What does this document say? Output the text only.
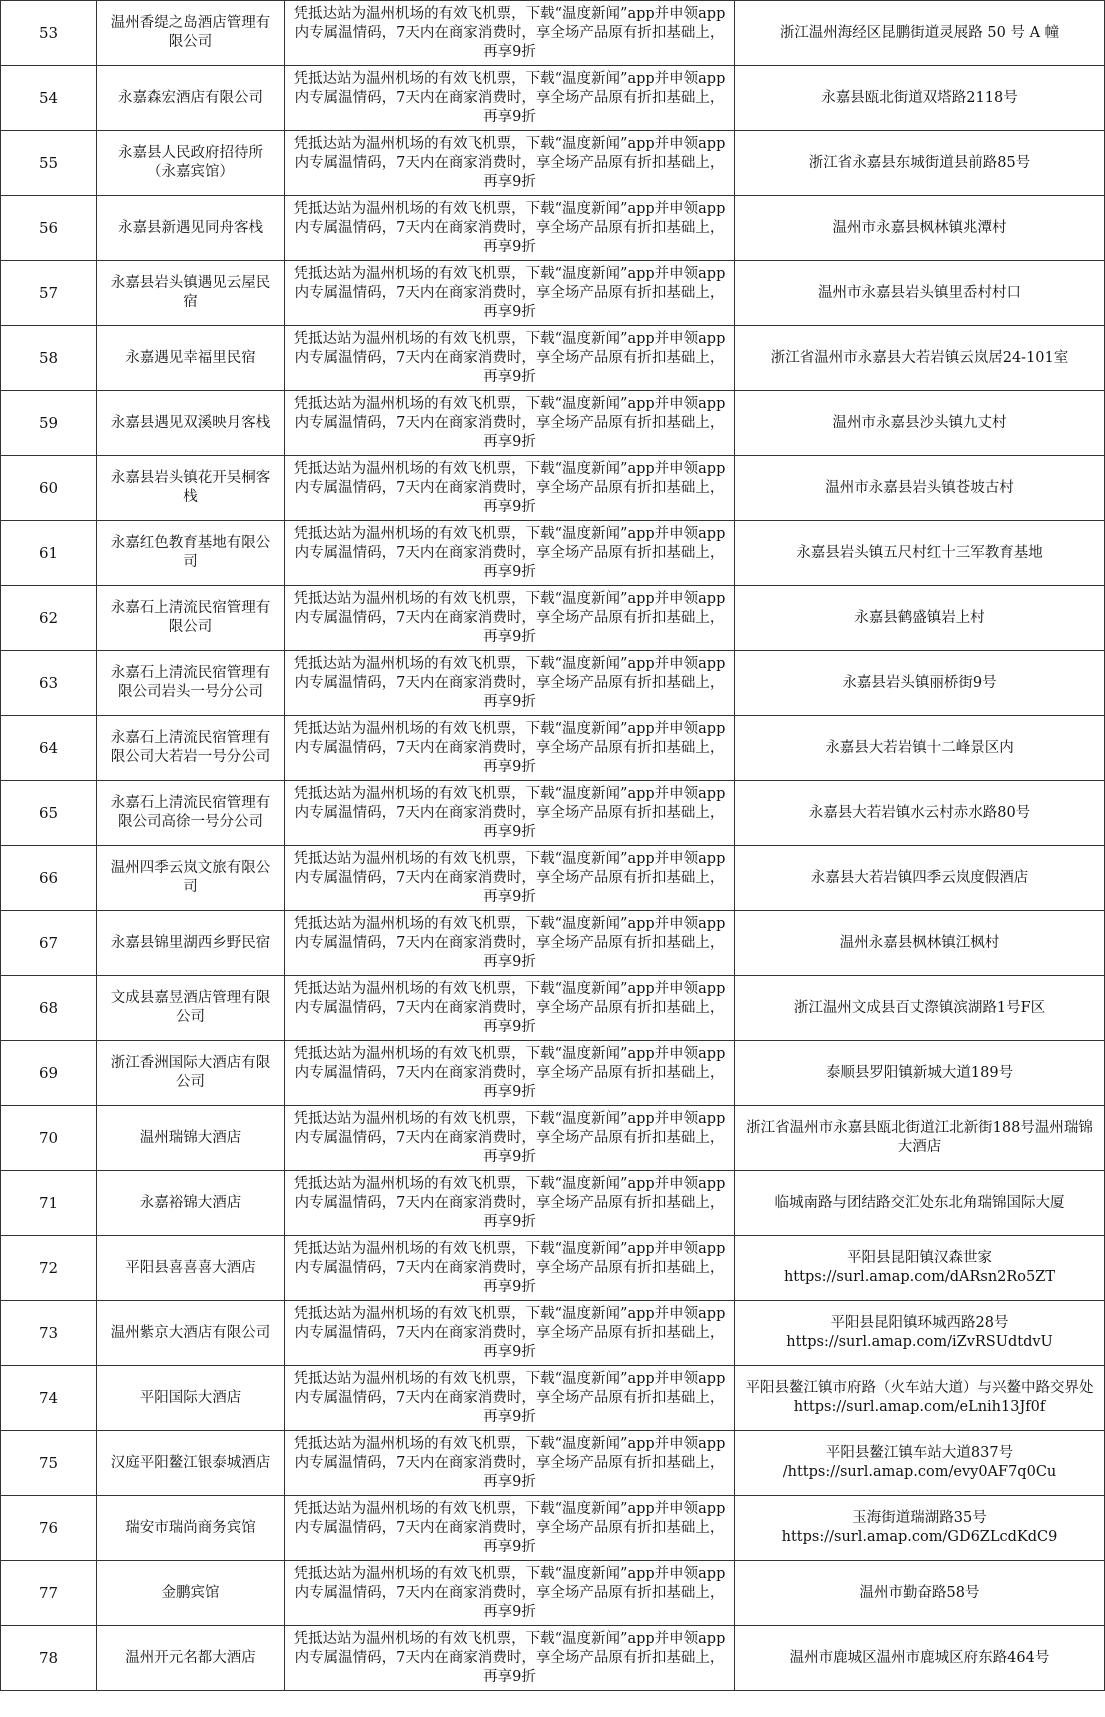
53	温州香缇之岛酒店管理有限公司	凭抵达站为温州机场的有效飞机票，下载“温度新闻”app并申领app内专属温情码，7天内在商家消费时，享全场产品原有折扣基础上，再享9折	浙江温州海经区昆鹏街道灵展路 50 号 A 幢

54	永嘉森宏酒店有限公司	凭抵达站为温州机场的有效飞机票，下载“温度新闻”app并申领app内专属温情码，7天内在商家消费时，享全场产品原有折扣基础上，再享9折	永嘉县瓯北街道双塔路2118号

55	永嘉县人民政府招待所（永嘉宾馆）	凭抵达站为温州机场的有效飞机票，下载“温度新闻”app并申领app内专属温情码，7天内在商家消费时，享全场产品原有折扣基础上，再享9折	浙江省永嘉县东城街道县前路85号

56	永嘉县新遇见同舟客栈	凭抵达站为温州机场的有效飞机票，下载“温度新闻”app并申领app内专属温情码，7天内在商家消费时，享全场产品原有折扣基础上，再享9折	温州市永嘉县枫林镇兆潭村

57	永嘉县岩头镇遇见云屋民宿	凭抵达站为温州机场的有效飞机票，下载“温度新闻”app并申领app内专属温情码，7天内在商家消费时，享全场产品原有折扣基础上，再享9折	温州市永嘉县岩头镇里岙村村口

58	永嘉遇见幸福里民宿	凭抵达站为温州机场的有效飞机票，下载“温度新闻”app并申领app内专属温情码，7天内在商家消费时，享全场产品原有折扣基础上，再享9折	浙江省温州市永嘉县大若岩镇云岚居24-101室

59	永嘉县遇见双溪映月客栈	凭抵达站为温州机场的有效飞机票，下载“温度新闻”app并申领app内专属温情码，7天内在商家消费时，享全场产品原有折扣基础上，再享9折	温州市永嘉县沙头镇九丈村

60	永嘉县岩头镇花开吴桐客栈	凭抵达站为温州机场的有效飞机票，下载“温度新闻”app并申领app内专属温情码，7天内在商家消费时，享全场产品原有折扣基础上，再享9折	温州市永嘉县岩头镇苍坡古村

61	永嘉红色教育基地有限公司	凭抵达站为温州机场的有效飞机票，下载“温度新闻”app并申领app内专属温情码，7天内在商家消费时，享全场产品原有折扣基础上，再享9折	永嘉县岩头镇五尺村红十三军教育基地

62	永嘉石上清流民宿管理有限公司	凭抵达站为温州机场的有效飞机票，下载“温度新闻”app并申领app内专属温情码，7天内在商家消费时，享全场产品原有折扣基础上，再享9折	永嘉县鹤盛镇岩上村

63	永嘉石上清流民宿管理有限公司岩头一号分公司	凭抵达站为温州机场的有效飞机票，下载“温度新闻”app并申领app内专属温情码，7天内在商家消费时，享全场产品原有折扣基础上，再享9折	永嘉县岩头镇丽桥街9号

64	永嘉石上清流民宿管理有限公司大若岩一号分公司	凭抵达站为温州机场的有效飞机票，下载“温度新闻”app并申领app内专属温情码，7天内在商家消费时，享全场产品原有折扣基础上，再享9折	永嘉县大若岩镇十二峰景区内

65	永嘉石上清流民宿管理有限公司高徐一号分公司	凭抵达站为温州机场的有效飞机票，下载“温度新闻”app并申领app内专属温情码，7天内在商家消费时，享全场产品原有折扣基础上，再享9折	永嘉县大若岩镇水云村赤水路80号

66	温州四季云岚文旅有限公司	凭抵达站为温州机场的有效飞机票，下载“温度新闻”app并申领app内专属温情码，7天内在商家消费时，享全场产品原有折扣基础上，再享9折	永嘉县大若岩镇四季云岚度假酒店

67	永嘉县锦里湖西乡野民宿	凭抵达站为温州机场的有效飞机票，下载“温度新闻”app并申领app内专属温情码，7天内在商家消费时，享全场产品原有折扣基础上，再享9折	温州永嘉县枫林镇江枫村

68	文成县嘉昱酒店管理有限公司	凭抵达站为温州机场的有效飞机票，下载“温度新闻”app并申领app内专属温情码，7天内在商家消费时，享全场产品原有折扣基础上，再享9折	浙江温州文成县百丈漈镇滨湖路1号F区

69	浙江香洲国际大酒店有限公司	凭抵达站为温州机场的有效飞机票，下载“温度新闻”app并申领app内专属温情码，7天内在商家消费时，享全场产品原有折扣基础上，再享9折	泰顺县罗阳镇新城大道189号

70	温州瑞锦大酒店	凭抵达站为温州机场的有效飞机票，下载“温度新闻”app并申领app内专属温情码，7天内在商家消费时，享全场产品原有折扣基础上，再享9折	浙江省温州市永嘉县瓯北街道江北新街188号温州瑞锦大酒店

71	永嘉裕锦大酒店	凭抵达站为温州机场的有效飞机票，下载“温度新闻”app并申领app内专属温情码，7天内在商家消费时，享全场产品原有折扣基础上，再享9折	临城南路与团结路交汇处东北角瑞锦国际大厦

72	平阳县喜喜喜大酒店	凭抵达站为温州机场的有效飞机票，下载“温度新闻”app并申领app内专属温情码，7天内在商家消费时，享全场产品原有折扣基础上，再享9折	平阳县昆阳镇汉森世家
https://surl.amap.com/dARsn2Ro5ZT

73	温州紫京大酒店有限公司	凭抵达站为温州机场的有效飞机票，下载“温度新闻”app并申领app内专属温情码，7天内在商家消费时，享全场产品原有折扣基础上，再享9折	平阳县昆阳镇环城西路28号
https://surl.amap.com/iZvRSUdtdvU

74	平阳国际大酒店	凭抵达站为温州机场的有效飞机票，下载“温度新闻”app并申领app内专属温情码，7天内在商家消费时，享全场产品原有折扣基础上，再享9折	平阳县鳌江镇市府路（火车站大道）与兴鳌中路交界处
https://surl.amap.com/eLnih13Jf0f

75	汉庭平阳鳌江银泰城酒店	凭抵达站为温州机场的有效飞机票，下载“温度新闻”app并申领app内专属温情码，7天内在商家消费时，享全场产品原有折扣基础上，再享9折	平阳县鳌江镇车站大道837号
/https://surl.amap.com/evy0AF7q0Cu

76	瑞安市瑞尚商务宾馆	凭抵达站为温州机场的有效飞机票，下载“温度新闻”app并申领app内专属温情码，7天内在商家消费时，享全场产品原有折扣基础上，再享9折	玉海街道瑞湖路35号
https://surl.amap.com/GD6ZLcdKdC9

77	金鹏宾馆	凭抵达站为温州机场的有效飞机票，下载“温度新闻”app并申领app内专属温情码，7天内在商家消费时，享全场产品原有折扣基础上，再享9折	温州市勤奋路58号

78	温州开元名都大酒店	凭抵达站为温州机场的有效飞机票，下载“温度新闻”app并申领app内专属温情码，7天内在商家消费时，享全场产品原有折扣基础上，再享9折	温州市鹿城区温州市鹿城区府东路464号
